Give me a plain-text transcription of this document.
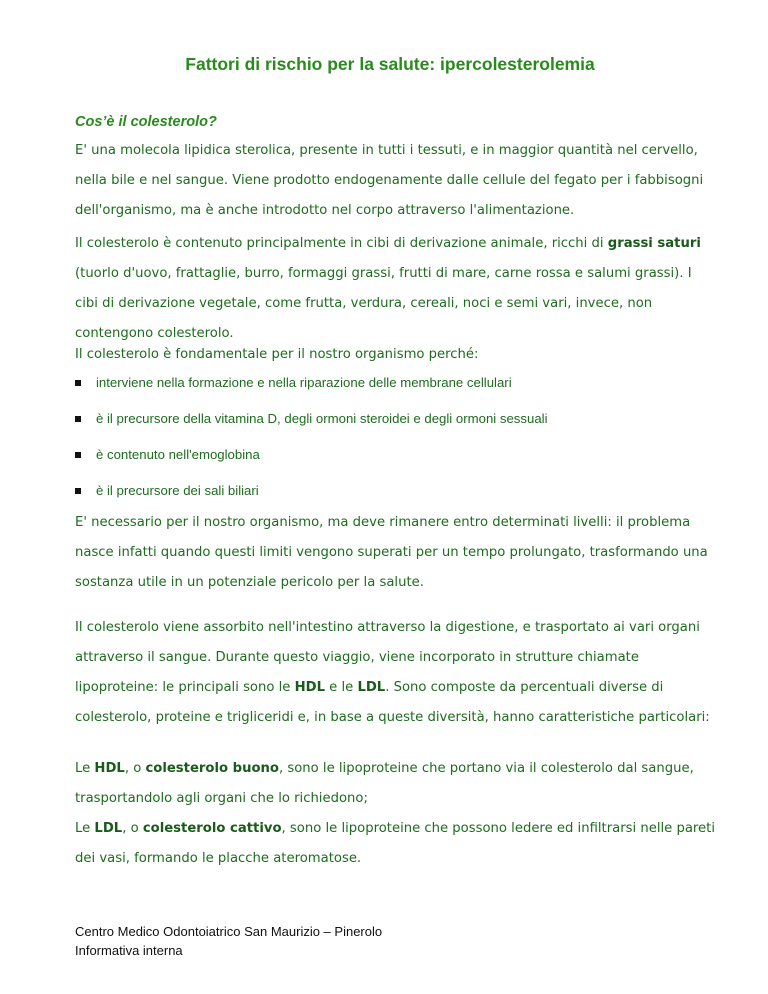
Fattori di rischio per la salute: ipercolesterolemia
Cos’è il colesterolo?

E' una molecola lipidica sterolica, presente in tutti i tessuti, e in maggior quantità nel cervello, nella bile e nel sangue. Viene prodotto endogenamente dalle cellule del fegato per i fabbisogni dell'organismo, ma è anche introdotto nel corpo attraverso l'alimentazione.

Il colesterolo è contenuto principalmente in cibi di derivazione animale, ricchi di grassi saturi (tuorlo d'uovo, frattaglie, burro, formaggi grassi, frutti di mare, carne rossa e salumi grassi). I cibi di derivazione vegetale, come frutta, verdura, cereali, noci e semi vari, invece, non contengono colesterolo.

Il colesterolo è fondamentale per il nostro organismo perché:

interviene nella formazione e nella riparazione delle membrane cellulari
è il precursore della vitamina D, degli ormoni steroidei e degli ormoni sessuali
è contenuto nell'emoglobina
è il precursore dei sali biliari

E' necessario per il nostro organismo, ma deve rimanere entro determinati livelli: il problema nasce infatti quando questi limiti vengono superati per un tempo prolungato, trasformando una sostanza utile in un potenziale pericolo per la salute.

Il colesterolo viene assorbito nell'intestino attraverso la digestione, e trasportato ai vari organi attraverso il sangue. Durante questo viaggio, viene incorporato in strutture chiamate lipoproteine: le principali sono le HDL e le LDL. Sono composte da percentuali diverse di colesterolo, proteine e trigliceridi e, in base a queste diversità, hanno caratteristiche particolari:

Le HDL, o colesterolo buono, sono le lipoproteine che portano via il colesterolo dal sangue, trasportandolo agli organi che lo richiedono;
Le LDL, o colesterolo cattivo, sono le lipoproteine che possono ledere ed infiltrarsi nelle pareti dei vasi, formando le placche ateromatose.

Centro Medico Odontoiatrico San Maurizio – Pinerolo
Informativa interna
